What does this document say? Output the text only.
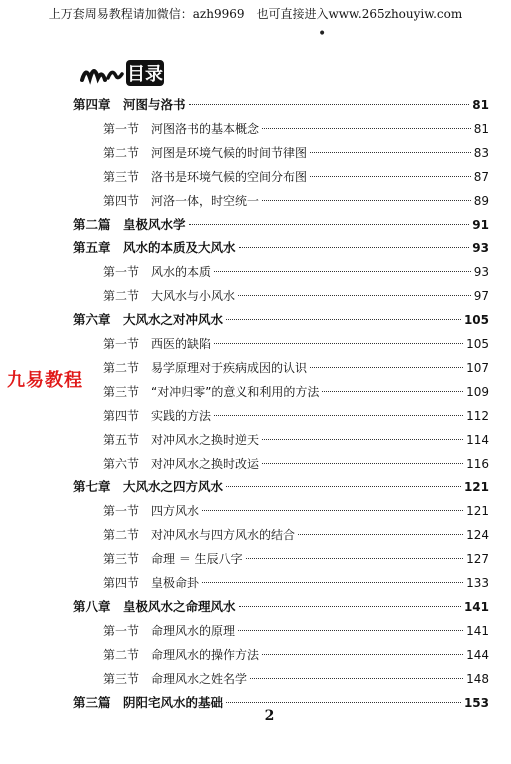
上万套周易教程请加微信：azh9969　也可直接进入www.265zhouyiw.com
•
目录
第四章　河图与洛书	81
第一节　河图洛书的基本概念	81
第二节　河图是环境气候的时间节律图	83
第三节　洛书是环境气候的空间分布图	87
第四节　河洛一体，时空统一	89
第二篇　皇极风水学	91
第五章　风水的本质及大风水	93
第一节　风水的本质	93
第二节　大风水与小风水	97
第六章　大风水之对冲风水	105
第一节　西医的缺陷	105
第二节　易学原理对于疾病成因的认识	107
第三节　“对冲归零”的意义和利用的方法	109
第四节　实践的方法	112
第五节　对冲风水之换时逆天	114
第六节　对冲风水之换时改运	116
第七章　大风水之四方风水	121
第一节　四方风水	121
第二节　对冲风水与四方风水的结合	124
第三节　命理 ＝ 生辰八字	127
第四节　皇极命卦	133
第八章　皇极风水之命理风水	141
第一节　命理风水的原理	141
第二节　命理风水的操作方法	144
第三节　命理风水之姓名学	148
第三篇　阴阳宅风水的基础	153
九易教程
2
